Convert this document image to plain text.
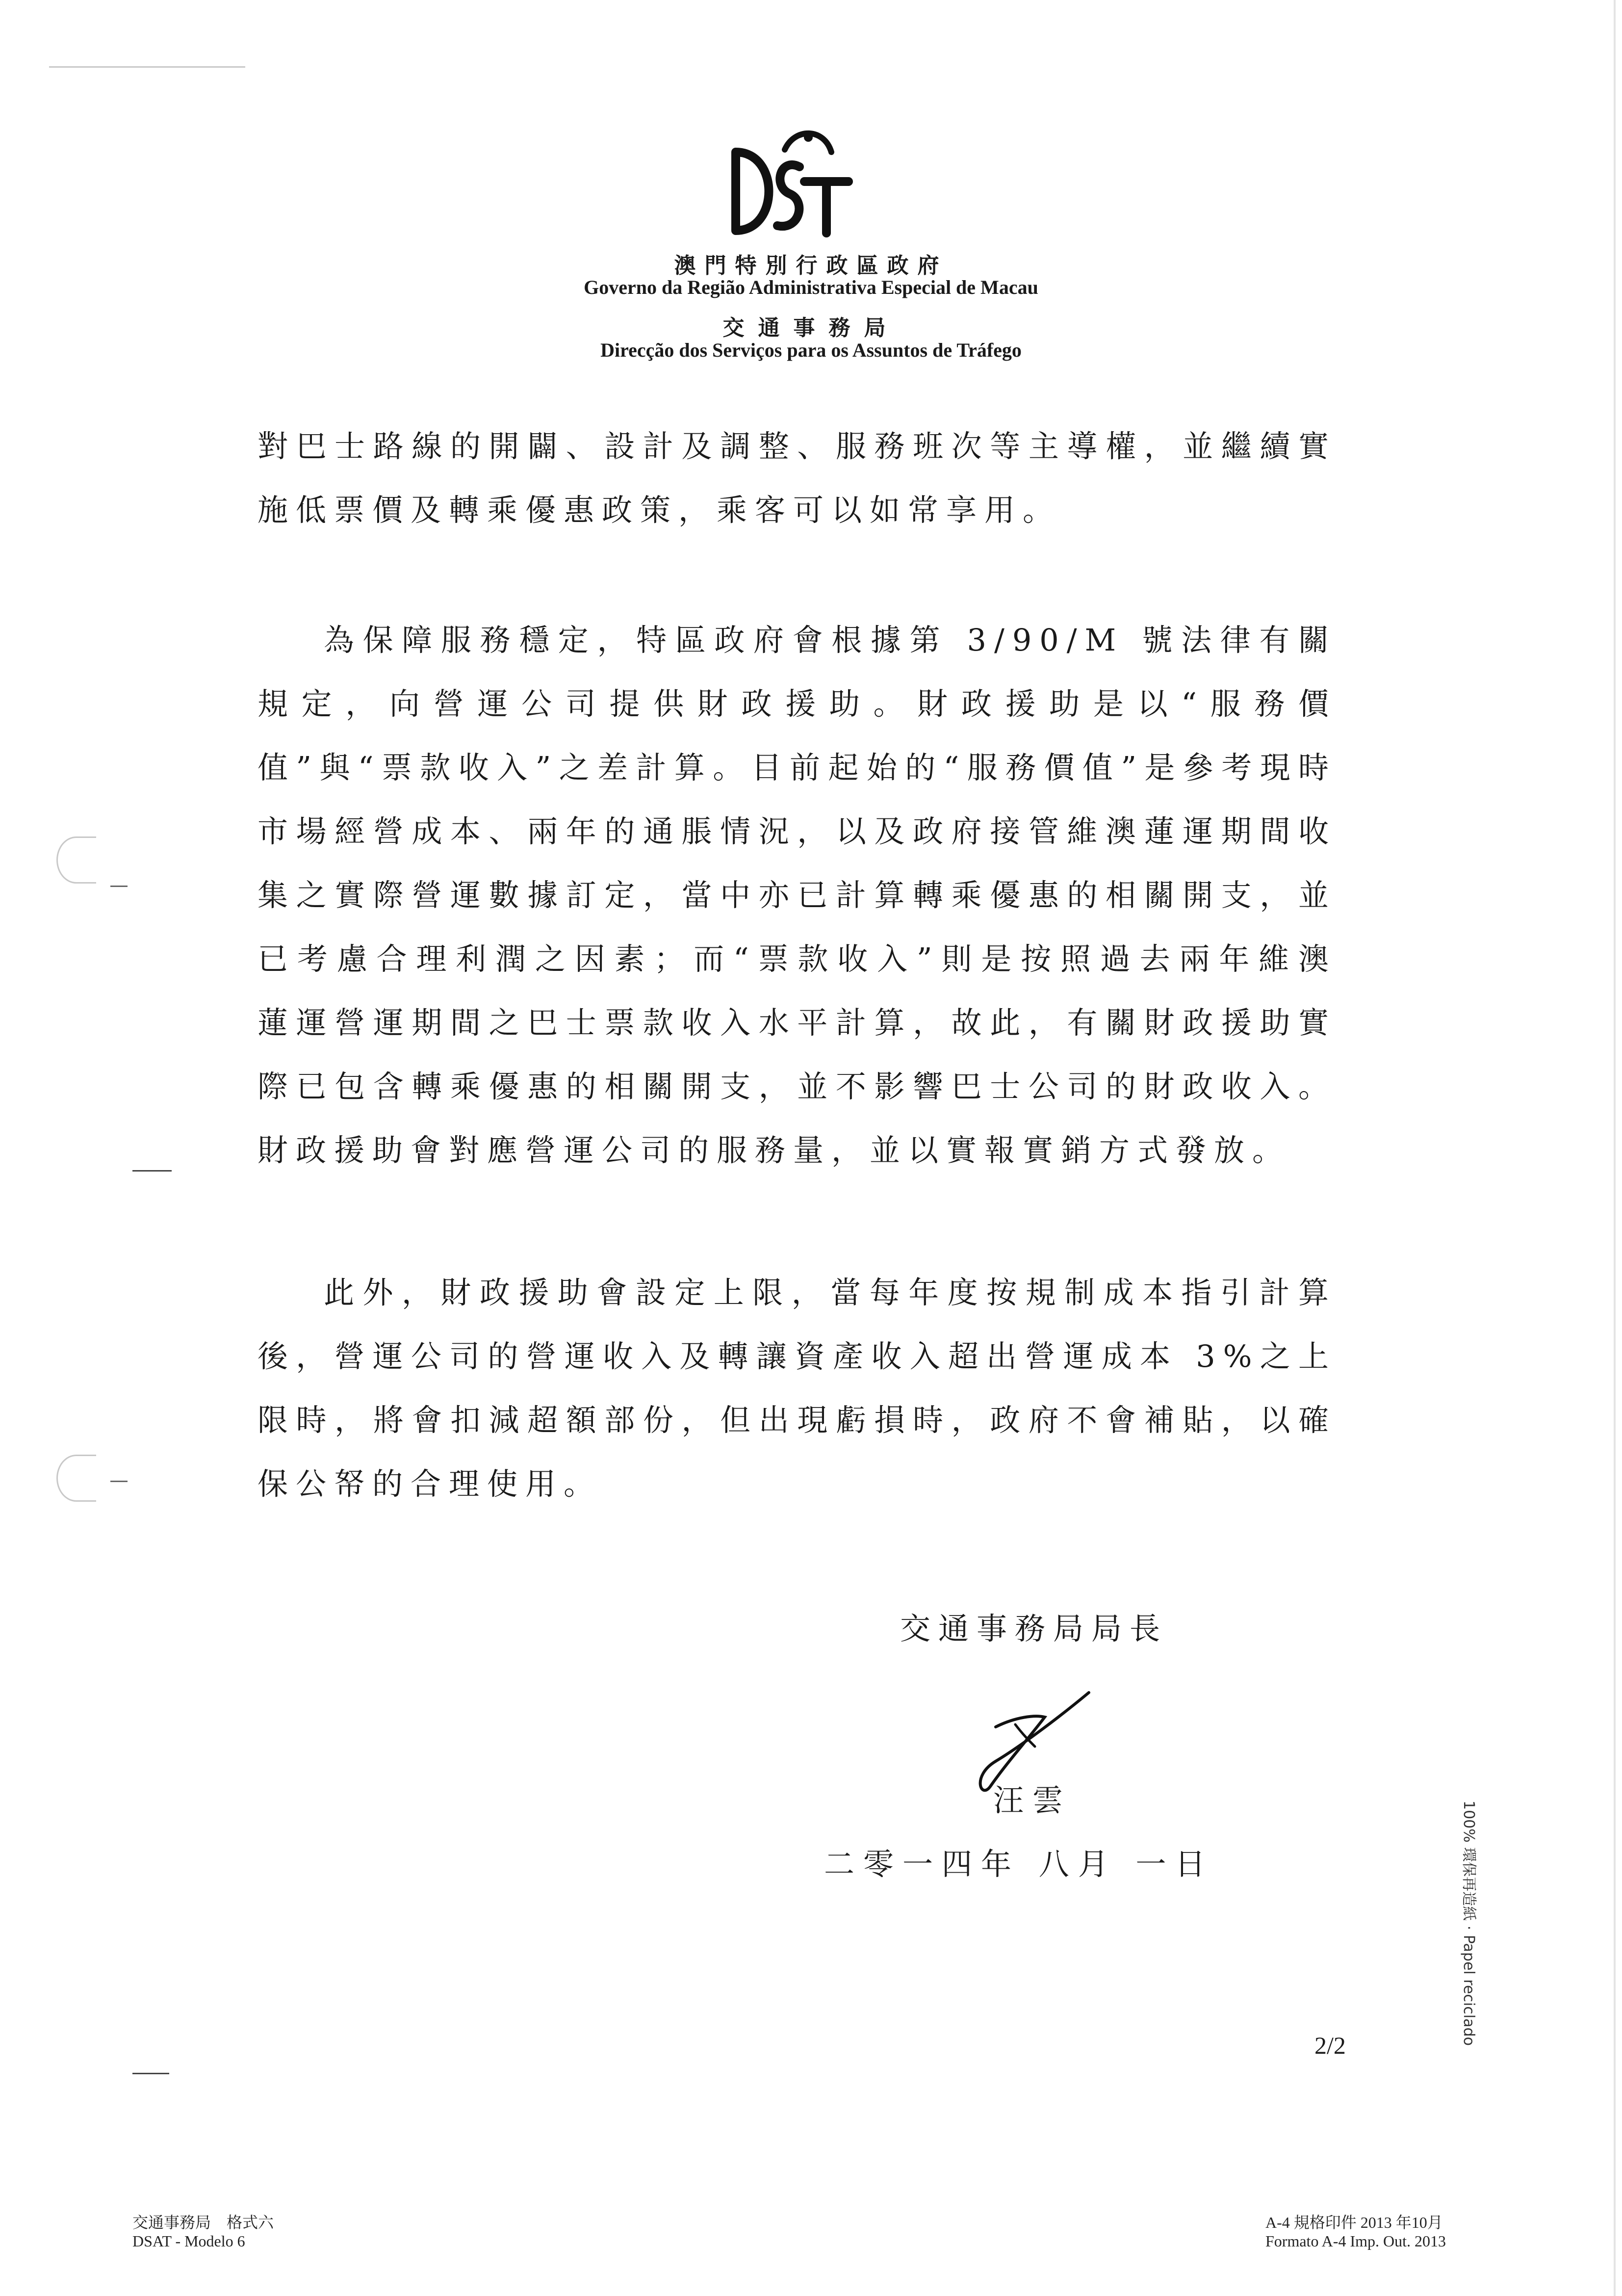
澳門特別行政區政府
Governo da Região Administrativa Especial de Macau
交通事務局
Direcção dos Serviços para os Assuntos de Tráfego

對巴士路線的開闢、設計及調整、服務班次等主導權，並繼續實施低票價及轉乘優惠政策，乘客可以如常享用。

為保障服務穩定，特區政府會根據第 3/90/M 號法律有關規定，向營運公司提供財政援助。財政援助是以“服務價值”與“票款收入”之差計算。目前起始的“服務價值”是參考現時市場經營成本、兩年的通脹情況，以及政府接管維澳蓮運期間收集之實際營運數據訂定，當中亦已計算轉乘優惠的相關開支，並已考慮合理利潤之因素；而“票款收入”則是按照過去兩年維澳蓮運營運期間之巴士票款收入水平計算，故此，有關財政援助實際已包含轉乘優惠的相關開支，並不影響巴士公司的財政收入。財政援助會對應營運公司的服務量，並以實報實銷方式發放。

此外，財政援助會設定上限，當每年度按規制成本指引計算後，營運公司的營運收入及轉讓資產收入超出營運成本 3%之上限時，將會扣減超額部份，但出現虧損時，政府不會補貼，以確保公帑的合理使用。

交通事務局局長
汪雲
二零一四年 八月 一日
2/2
交通事務局　格式六
DSAT - Modelo 6
A-4 規格印件 2013 年10月
Formato A-4 Imp. Out. 2013
100% 環保再造紙 · Papel reciclado
